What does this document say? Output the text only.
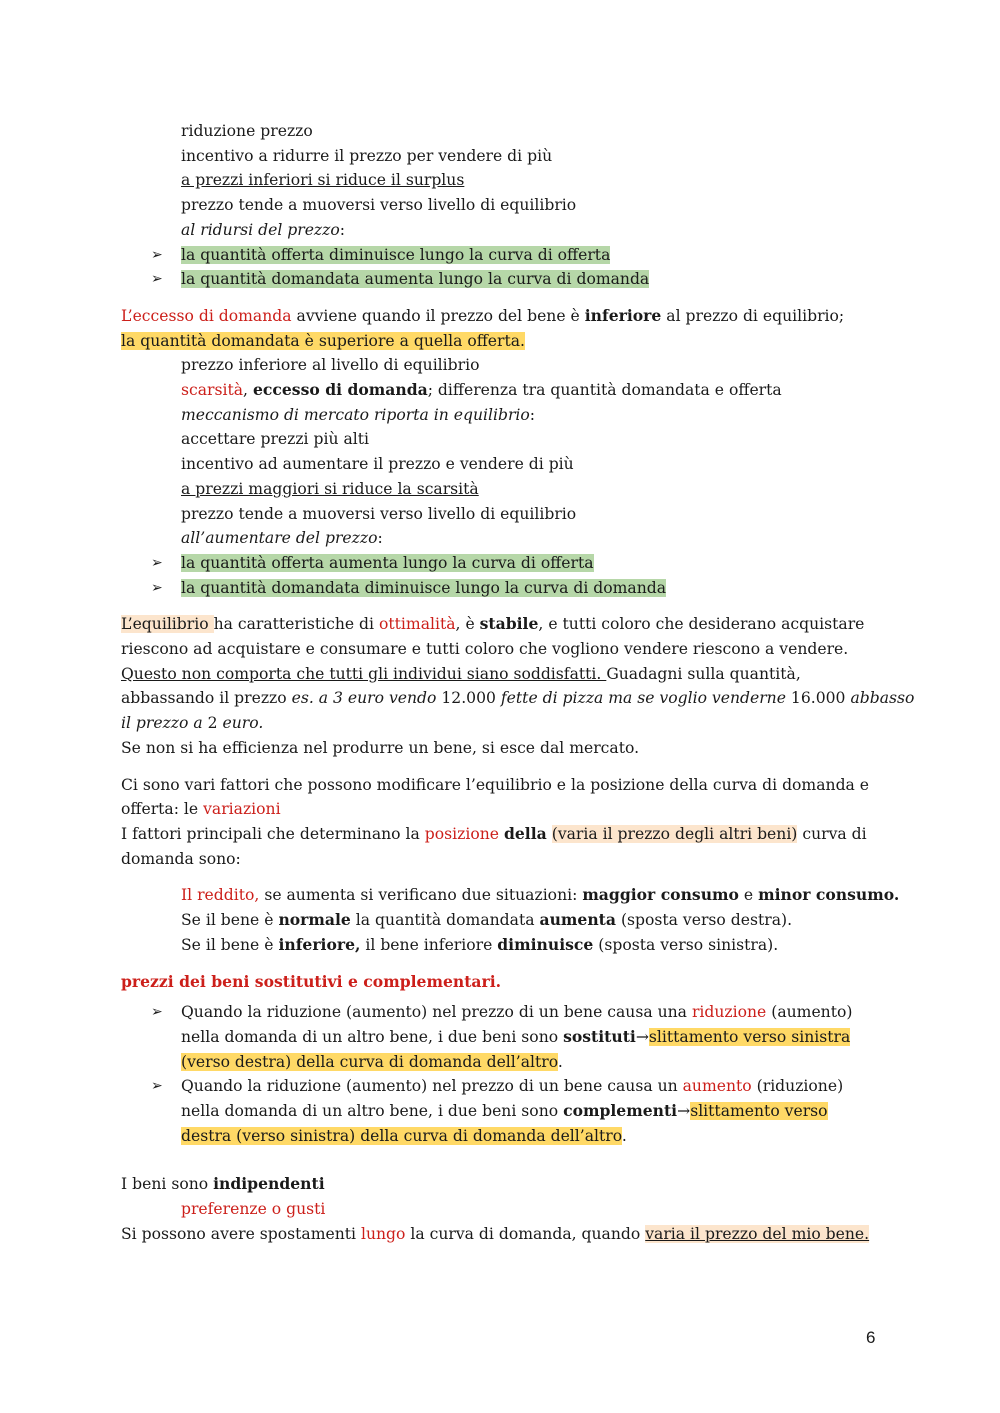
riduzione prezzo
incentivo a ridurre il prezzo per vendere di più
a prezzi inferiori si riduce il surplus
prezzo tende a muoversi verso livello di equilibrio
al ridursi del prezzo:
➢ la quantità offerta diminuisce lungo la curva di offerta
➢ la quantità domandata aumenta lungo la curva di domanda
L’eccesso di domanda avviene quando il prezzo del bene è inferiore al prezzo di equilibrio;
la quantità domandata è superiore a quella offerta.
prezzo inferiore al livello di equilibrio
scarsità, eccesso di domanda; differenza tra quantità domandata e offerta
meccanismo di mercato riporta in equilibrio:
accettare prezzi più alti
incentivo ad aumentare il prezzo e vendere di più
a prezzi maggiori si riduce la scarsità
prezzo tende a muoversi verso livello di equilibrio
all’aumentare del prezzo:
➢ la quantità offerta aumenta lungo la curva di offerta
➢ la quantità domandata diminuisce lungo la curva di domanda
L’equilibrio ha caratteristiche di ottimalità, è stabile, e tutti coloro che desiderano acquistare
riescono ad acquistare e consumare e tutti coloro che vogliono vendere riescono a vendere.
Questo non comporta che tutti gli individui siano soddisfatti. Guadagni sulla quantità,
abbassando il prezzo es. a 3 euro vendo 12.000 fette di pizza ma se voglio venderne 16.000 abbasso
il prezzo a 2 euro.
Se non si ha efficienza nel produrre un bene, si esce dal mercato.
Ci sono vari fattori che possono modificare l’equilibrio e la posizione della curva di domanda e
offerta: le variazioni
I fattori principali che determinano la posizione della (varia il prezzo degli altri beni) curva di
domanda sono:
Il reddito, se aumenta si verificano due situazioni: maggior consumo e minor consumo.
Se il bene è normale la quantità domandata aumenta (sposta verso destra).
Se il bene è inferiore, il bene inferiore diminuisce (sposta verso sinistra).
prezzi dei beni sostitutivi e complementari.
➢ Quando la riduzione (aumento) nel prezzo di un bene causa una riduzione (aumento) nella domanda di un altro bene, i due beni sono sostituti→slittamento verso sinistra (verso destra) della curva di domanda dell’altro.
➢ Quando la riduzione (aumento) nel prezzo di un bene causa un aumento (riduzione) nella domanda di un altro bene, i due beni sono complementi→slittamento verso destra (verso sinistra) della curva di domanda dell’altro.
I beni sono indipendenti
preferenze o gusti
Si possono avere spostamenti lungo la curva di domanda, quando varia il prezzo del mio bene.
6
